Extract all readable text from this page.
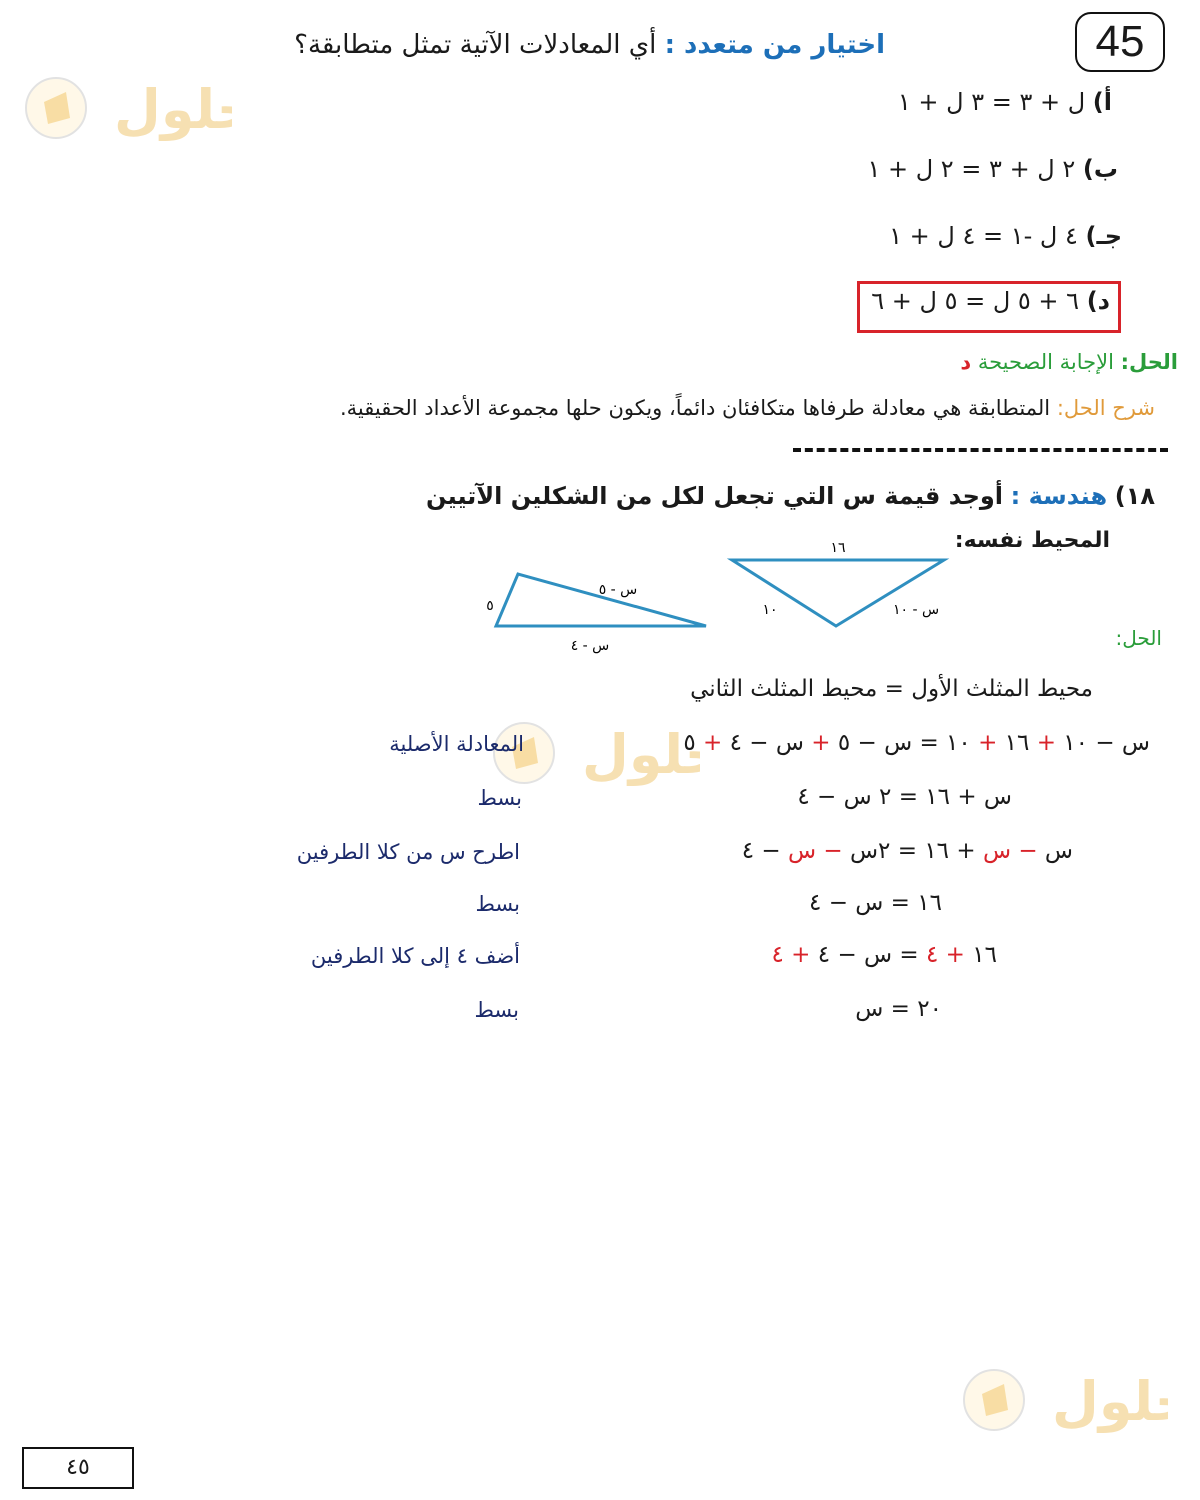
45
لول
لول
لول
اختيار من متعدد : أي المعادلات الآتية تمثل متطابقة؟
أ) ل + ٣ = ٣ ل + ١
ب) ٢ ل + ٣ = ٢ ل + ١
جـ) ٤ ل -١ = ٤ ل + ١
د) ٦ + ٥ ل = ٥ ل + ٦
الحل: الإجابة الصحيحة د
شرح الحل: المتطابقة هي معادلة طرفاها متكافئان دائماً، ويكون حلها مجموعة الأعداد الحقيقية.
١٨) هندسة : أوجد قيمة س التي تجعل لكل من الشكلين الآتيين
المحيط نفسه:
١٦
١٠	س - ١٠
٥
س - ٥
س - ٤	الحل:
محيط المثلث الأول = محيط المثلث الثاني
س − ١٠ + ١٦ + ١٠ = س − ٥ + س − ٤ + ٥
المعادلة الأصلية
س + ١٦ = ٢ س − ٤
بسط
س − س + ١٦ = ٢س − س − ٤
اطرح س من كلا الطرفين
١٦ = س − ٤
بسط
١٦ + ٤ = س − ٤ + ٤
أضف ٤ إلى كلا الطرفين
٢٠ = س
بسط
٤٥
